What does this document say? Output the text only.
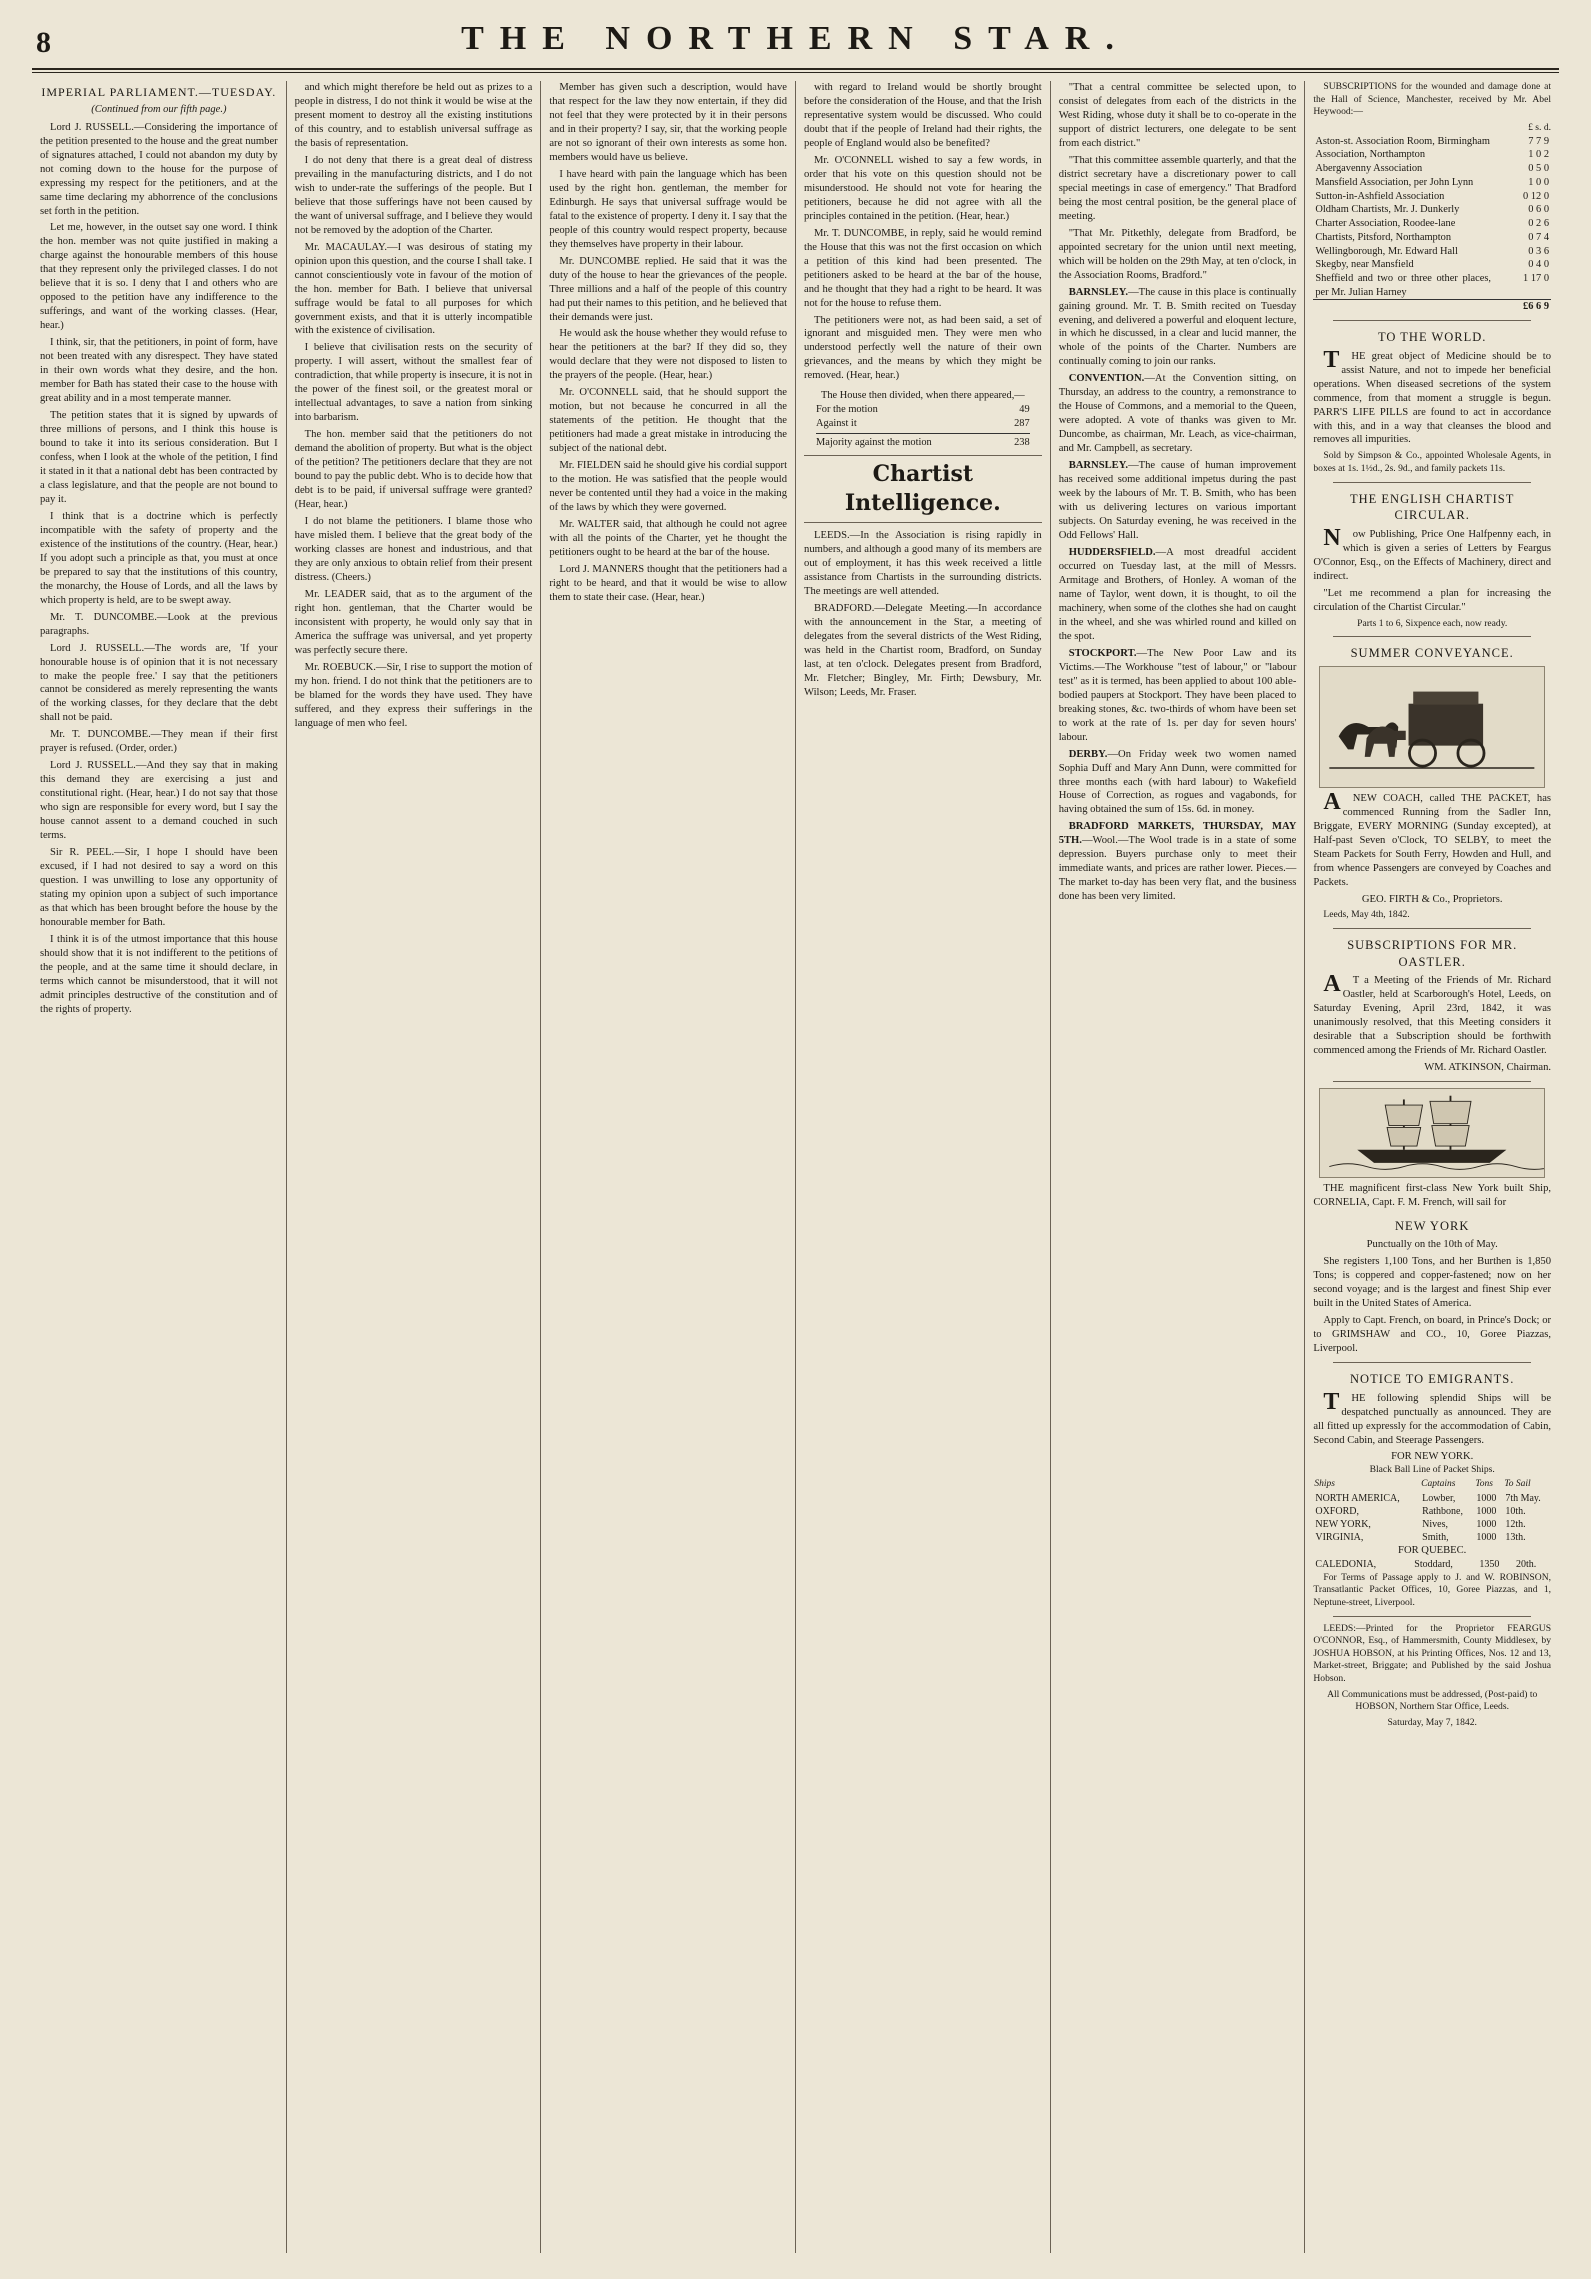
8	THE NORTHERN STAR.
IMPERIAL PARLIAMENT.—TUESDAY.
(Continued from our fifth page.)

Lord J. RUSSELL.—Considering the importance of the petition presented to the house and the great number of signatures attached, I could not abandon my duty by not coming down to the house for the purpose of expressing my respect for the petitioners, and at the same time declaring my abhorrence of the conclusions set forth in the petition.

Let me, however, in the outset say one word. I think the hon. member was not quite justified in making a charge against the honourable members of this house that they represent only the privileged classes. I do not believe that it is so. I deny that I and others who are opposed to the petition have any indifference to the sufferings, and want of the working classes. (Hear, hear.)

I think, sir, that the petitioners, in point of form, have not been treated with any disrespect. They have stated in their own words what they desire, and the hon. member for Bath has stated their case to the house with great ability and in a most temperate manner.

The petition states that it is signed by upwards of three millions of persons, and I think this house is bound to take it into its serious consideration. But I confess, when I look at the whole of the petition, I find it stated in it that a national debt has been contracted by a class legislature, and that the people are not bound to pay it.

I think that is a doctrine which is perfectly incompatible with the safety of property and the existence of the institutions of the country. (Hear, hear.) If you adopt such a principle as that, you must at once be prepared to say that the institutions of this country, the monarchy, the House of Lords, and all the laws by which property is held, are to be swept away.

Mr. T. DUNCOMBE.—Look at the previous paragraphs.

Lord J. RUSSELL.—The words are, 'If your honourable house is of opinion that it is not necessary to make the people free.' I say that the petitioners cannot be considered as merely representing the wants of the working classes, for they declare that the debt shall not be paid.

Mr. T. DUNCOMBE.—They mean if their first prayer is refused. (Order, order.)

Lord J. RUSSELL.—And they say that in making this demand they are exercising a just and constitutional right. (Hear, hear.) I do not say that those who sign are responsible for every word, but I say the house cannot assent to a demand couched in such terms.

Sir R. PEEL.—Sir, I hope I should have been excused, if I had not desired to say a word on this question. I was unwilling to lose any opportunity of stating my opinion upon a subject of such importance as that which has been brought before the house by the honourable member for Bath.

I think it is of the utmost importance that this house should show that it is not indifferent to the petitions of the people, and at the same time it should declare, in terms which cannot be misunderstood, that it will not admit principles destructive of the constitution and of the rights of property.

and which might therefore be held out as prizes to a people in distress, I do not think it would be wise at the present moment to destroy all the existing institutions of this country, and to establish universal suffrage as the basis of representation.

I do not deny that there is a great deal of distress prevailing in the manufacturing districts, and I do not wish to under-rate the sufferings of the people. But I believe that those sufferings have not been caused by the want of universal suffrage, and I believe they would not be removed by the adoption of the Charter.

Mr. MACAULAY.—I was desirous of stating my opinion upon this question, and the course I shall take. I cannot conscientiously vote in favour of the motion of the hon. member for Bath. I believe that universal suffrage would be fatal to all purposes for which government exists, and that it is utterly incompatible with the existence of civilisation.

I believe that civilisation rests on the security of property. I will assert, without the smallest fear of contradiction, that while property is insecure, it is not in the power of the finest soil, or the greatest moral or intellectual advantages, to save a nation from sinking into barbarism.

The hon. member said that the petitioners do not demand the abolition of property. But what is the object of the petition? The petitioners declare that they are not bound to pay the public debt. Who is to decide how that debt is to be paid, if universal suffrage were granted? (Hear, hear.)

I do not blame the petitioners. I blame those who have misled them. I believe that the great body of the working classes are honest and industrious, and that they are only anxious to obtain relief from their present distress. (Cheers.)

Mr. LEADER said, that as to the argument of the right hon. gentleman, that the Charter would be inconsistent with property, he would only say that in America the suffrage was universal, and yet property was perfectly secure there.

Mr. ROEBUCK.—Sir, I rise to support the motion of my hon. friend. I do not think that the petitioners are to be blamed for the words they have used. They have suffered, and they express their sufferings in the language of men who feel.

Member has given such a description, would have that respect for the law they now entertain, if they did not feel that they were protected by it in their persons and in their property? I say, sir, that the working people are not so ignorant of their own interests as some hon. members would have us believe.

I have heard with pain the language which has been used by the right hon. gentleman, the member for Edinburgh. He says that universal suffrage would be fatal to the existence of property. I deny it. I say that the people of this country would respect property, because they themselves have property in their labour.

Mr. DUNCOMBE replied. He said that it was the duty of the house to hear the grievances of the people. Three millions and a half of the people of this country had put their names to this petition, and he believed that their demands were just.

He would ask the house whether they would refuse to hear the petitioners at the bar? If they did so, they would declare that they were not disposed to listen to the prayers of the people. (Hear, hear.)

Mr. O'CONNELL said, that he should support the motion, but not because he concurred in all the statements of the petition. He thought that the petitioners had made a great mistake in introducing the subject of the national debt.

Mr. FIELDEN said he should give his cordial support to the motion. He was satisfied that the people would never be contented until they had a voice in the making of the laws by which they were governed.

Mr. WALTER said, that although he could not agree with all the points of the Charter, yet he thought the petitioners ought to be heard at the bar of the house.

Lord J. MANNERS thought that the petitioners had a right to be heard, and that it would be wise to allow them to state their case. (Hear, hear.)

with regard to Ireland would be shortly brought before the consideration of the House, and that the Irish representative system would be discussed. Who could doubt that if the people of Ireland had their rights, the people of England would also be benefited?

Mr. O'CONNELL wished to say a few words, in order that his vote on this question should not be misunderstood. He should not vote for hearing the petitioners, because he did not agree with all the principles contained in the petition. (Hear, hear.)

Mr. T. DUNCOMBE, in reply, said he would remind the House that this was not the first occasion on which a petition of this kind had been presented. The petitioners asked to be heard at the bar of the house, and he thought that they had a right to be heard. It was not for the house to refuse them.

The petitioners were not, as had been said, a set of ignorant and misguided men. They were men who understood perfectly well the nature of their own grievances, and the means by which they might be removed. (Hear, hear.)

The House then divided, when there appeared,—
For the motion	49
Against it	287
Majority against the motion	238
Chartist Intelligence.

LEEDS.—In the Association is rising rapidly in numbers, and although a good many of its members are out of employment, it has this week received a little assistance from Chartists in the surrounding districts. The meetings are well attended.

BRADFORD.—Delegate Meeting.—In accordance with the announcement in the Star, a meeting of delegates from the several districts of the West Riding, was held in the Chartist room, Bradford, on Sunday last, at ten o'clock. Delegates present from Bradford, Mr. Fletcher; Bingley, Mr. Firth; Dewsbury, Mr. Wilson; Leeds, Mr. Fraser.

"That a central committee be selected upon, to consist of delegates from each of the districts in the West Riding, whose duty it shall be to co-operate in the support of district lecturers, one delegate to be sent from each district."

"That this committee assemble quarterly, and that the district secretary have a discretionary power to call special meetings in case of emergency." That Bradford being the most central position, be the general place of meeting.

"That Mr. Pitkethly, delegate from Bradford, be appointed secretary for the union until next meeting, which will be holden on the 29th May, at ten o'clock, in the Association Rooms, Bradford."

BARNSLEY.—The cause in this place is continually gaining ground. Mr. T. B. Smith recited on Tuesday evening, and delivered a powerful and eloquent lecture, in which he discussed, in a clear and lucid manner, the whole of the points of the Charter. Numbers are continually coming to join our ranks.

CONVENTION.—At the Convention sitting, on Thursday, an address to the country, a remonstrance to the House of Commons, and a memorial to the Queen, were adopted. A vote of thanks was given to Mr. Duncombe, as chairman, Mr. Leach, as vice-chairman, and Mr. Campbell, as secretary.

BARNSLEY.—The cause of human improvement has received some additional impetus during the past week by the labours of Mr. T. B. Smith, who has been with us delivering lectures on various important subjects. On Saturday evening, he was received in the Odd Fellows' Hall.

HUDDERSFIELD.—A most dreadful accident occurred on Tuesday last, at the mill of Messrs. Armitage and Brothers, of Honley. A woman of the name of Taylor, went down, it is thought, to oil the machinery, when some of the clothes she had on caught in the wheel, and she was whirled round and killed on the spot.

STOCKPORT.—The New Poor Law and its Victims.—The Workhouse "test of labour," or "labour test" as it is termed, has been applied to about 100 able-bodied paupers at Stockport. They have been placed to breaking stones, &c. two-thirds of whom have been set to work at the rate of 1s. per day for seven hours' labour.

DERBY.—On Friday week two women named Sophia Duff and Mary Ann Dunn, were committed for three months each (with hard labour) to Wakefield House of Correction, as rogues and vagabonds, for having obtained the sum of 15s. 6d. in money.

BRADFORD MARKETS, THURSDAY, MAY 5TH.—Wool.—The Wool trade is in a state of some depression. Buyers purchase only to meet their immediate wants, and prices are rather lower. Pieces.—The market to-day has been very flat, and the business done has been very limited.

SUBSCRIPTIONS for the wounded and damage done at the Hall of Science, Manchester, received by Mr. Abel Heywood:—

£ s. d.
Aston-st. Association Room, Birmingham	7 7 9
Association, Northampton	1 0 2
Abergavenny Association	0 5 0
Mansfield Association, per John Lynn	1 0 0
Sutton-in-Ashfield Association	0 12 0
Oldham Chartists, Mr. J. Dunkerly	0 6 0
Charter Association, Roodee-lane	0 2 6
Chartists, Pitsford, Northampton	0 7 4
Wellingborough, Mr. Edward Hall	0 3 6
Skegby, near Mansfield	0 4 0
Sheffield and two or three other places, per Mr. Julian Harney	1 17 0
	£6 6 9
TO THE WORLD.

THE great object of Medicine should be to assist Nature, and not to impede her beneficial operations. When diseased secretions of the system commence, from that moment a struggle is begun. PARR'S LIFE PILLS are found to act in accordance with this, and in a way that cleanses the blood and removes all impurities.

Sold by Simpson & Co., appointed Wholesale Agents, in boxes at 1s. 1½d., 2s. 9d., and family packets 11s.

THE ENGLISH CHARTIST CIRCULAR.

Now Publishing, Price One Halfpenny each, in which is given a series of Letters by Feargus O'Connor, Esq., on the Effects of Machinery, direct and indirect.

"Let me recommend a plan for increasing the circulation of the Chartist Circular."

Parts 1 to 6, Sixpence each, now ready.

SUMMER CONVEYANCE.

ANEW COACH, called THE PACKET, has commenced Running from the Sadler Inn, Briggate, EVERY MORNING (Sunday excepted), at Half-past Seven o'Clock, TO SELBY, to meet the Steam Packets for South Ferry, Howden and Hull, and from whence Passengers are conveyed by Coaches and Packets.

GEO. FIRTH & Co., Proprietors.

Leeds, May 4th, 1842.

SUBSCRIPTIONS FOR MR. OASTLER.

AT a Meeting of the Friends of Mr. Richard Oastler, held at Scarborough's Hotel, Leeds, on Saturday Evening, April 23rd, 1842, it was unanimously resolved, that this Meeting considers it desirable that a Subscription should be forthwith commenced among the Friends of Mr. Richard Oastler.

WM. ATKINSON, Chairman.

THE magnificent first-class New York built Ship, CORNELIA, Capt. F. M. French, will sail for

NEW YORK

Punctually on the 10th of May.

She registers 1,100 Tons, and her Burthen is 1,850 Tons; is coppered and copper-fastened; now on her second voyage; and is the largest and finest Ship ever built in the United States of America.

Apply to Capt. French, on board, in Prince's Dock; or to GRIMSHAW and CO., 10, Goree Piazzas, Liverpool.

NOTICE TO EMIGRANTS.

THE following splendid Ships will be despatched punctually as announced. They are all fitted up expressly for the accommodation of Cabin, Second Cabin, and Steerage Passengers.

FOR NEW YORK.
Black Ball Line of Packet Ships.
Ships	Captains	Tons	To Sail
NORTH AMERICA,	Lowber,	1000	7th May.
OXFORD,	Rathbone,	1000	10th.
NEW YORK,	Nives,	1000	12th.
VIRGINIA,	Smith,	1000	13th.
FOR QUEBEC.
CALEDONIA,	Stoddard,	1350	20th.

For Terms of Passage apply to J. and W. ROBINSON, Transatlantic Packet Offices, 10, Goree Piazzas, and 1, Neptune-street, Liverpool.

LEEDS:—Printed for the Proprietor FEARGUS O'CONNOR, Esq., of Hammersmith, County Middlesex, by JOSHUA HOBSON, at his Printing Offices, Nos. 12 and 13, Market-street, Briggate; and Published by the said Joshua Hobson.

All Communications must be addressed, (Post-paid) to HOBSON, Northern Star Office, Leeds.

Saturday, May 7, 1842.
